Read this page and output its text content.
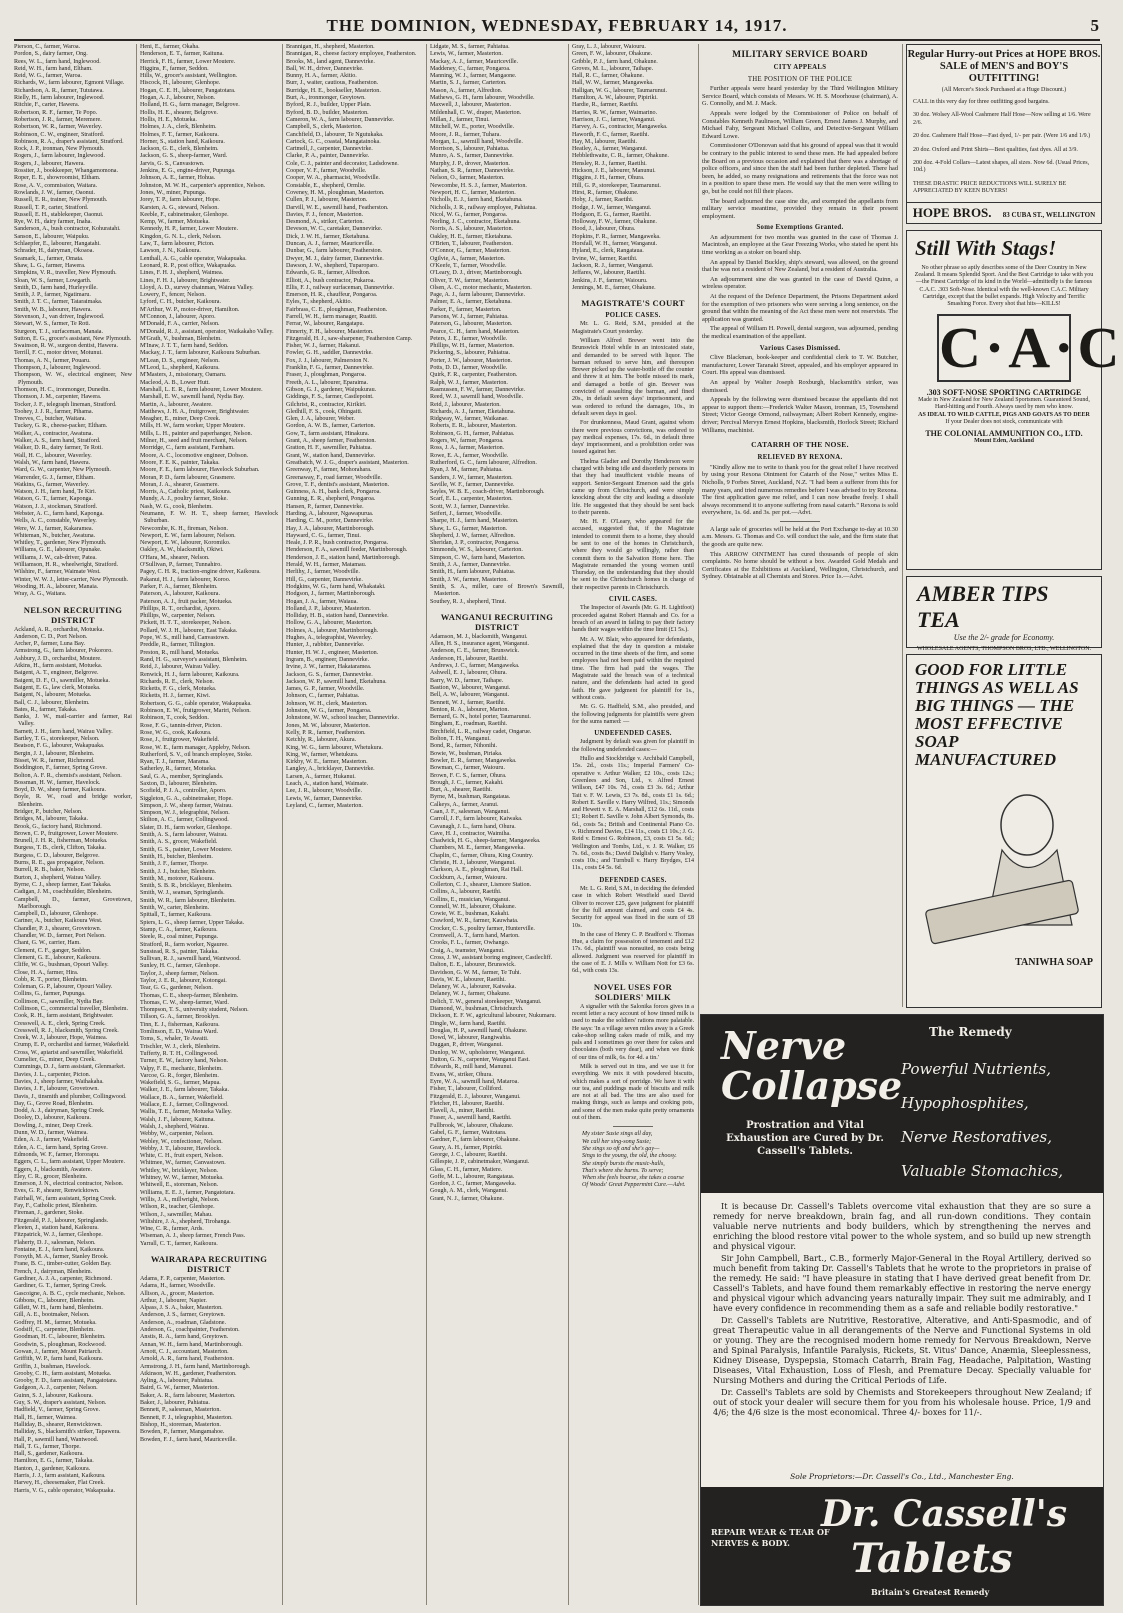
THE DOMINION, WEDNESDAY, FEBRUARY 14, 1917.	5

Pierson, C., farmer, Waroa.

Pordon, S., dairy farmer, Ong.

Rees, W. L., farm hand, Inglewood.

Reid, W. H., farm hand, Eltham.

Reid, W. G., farmer, Waroa.

Richards, W., farm labourer, Egmont Village.

Richardson, A. R., farmer, Tututawa.

Rielly, H., farm labourer, Inglewood.

Ritchie, F., carter, Hawera.

Robertson, R. F., farmer, Te Popo.

Robertson, J. R., farmer, Meremere.

Robertson, W. R., farmer, Waverley.

Robinson, C. W., engineer, Stratford.

Robinson, R. A., draper's assistant, Stratford.

Rock, J. P., ironman, New Plymouth.

Rogers, J., farm labourer, Inglewood.

Rogers, J., labourer, Hawera.

Rossiter, J., bookkeeper, Whangamomona.

Roper, E. E., showroomist, Eltham.

Rose, A. V., commission, Waitara.

Rowlands, J. W., farmer, Oaonui.

Russell, E. R., trainer, New Plymouth.

Russell, T. P., carter, Stratford.

Russell, E. H., stablekeeper, Oaonui.

Rye, W. H., dairy farmer, Inaha.

Sanderson, A., bush contractor, Kohuratahi.

Sanson, E., labourer, Waipuku.

Schlaepfer, E., labourer, Hangatahi.

Schrader, H., dairyman, Okoaoa.

Seamark, L., farmer, Omata.

Shaw, L. G., farmer, Hawera.

Simpkins, V. R., traveller, New Plymouth.

Sloan, W. S., farmer, Lowgarth.

Smith, D., farm hand, Hurleyville.

Smith, J. P., farmer, Ngatimaru.

Smith, J. T. C., farmer, Tataraimaka.

Smith, W. B., labourer, Hawera.

Stevenson, J., van driver, Inglewood.

Stewart, W. S., farmer, Te Roti.

Sturgeon, T. J., surfaceman, Manaia.

Sutton, E. G., grocer's assistant, New Plymouth.

Swainson, R. W., surgeon dentist, Hawera.

Terrill, F. C., motor driver, Motunui.

Thomas, A. N., farmer, Pouaru.

Thompson, J., labourer, Inglewood.

Thompson, W. W., electrical engineer, New Plymouth.

Thomson, H. C., ironmonger, Dunedin.

Thomson, J. M., carpenter, Hawera.

Tocker, J. F., telegraph lineman, Stratford.

Toohey, J. J. R., farmer, Pihama.

Treeves, C., butcher, Waitara.

Tuckey, G. R., cheese-packer, Eltham.

Walker, A., contractor, Awatuna.

Walker, A. S., farm hand, Stratford.

Walker, D. R., dairy farmer, Te Roti.

Wall, H. C., labourer, Waverley.

Walsh, W., farm hand, Hawera.

Ward, G. W., carpenter, New Plymouth.

Warrender, G. J., farmer, Eltham.

Watkins, G., farmer, Waverley.

Watson, J. H., farm hand, Te Kiri.

Watson, G. T., farmer, Kaponga.

Watson, J. J., stockman, Stratford.

Webster, A. C., farm hand, Kaponga.

Wells, A. C., constable, Waverley.

Were, W. J., farmer, Kakaramea.

Whiteman, N., butcher, Awatuna.

Whitley, T., gardener, New Plymouth.

Williams, G. E., labourer, Opunake.

Williams, J. W., cab-driver, Patea.

Williamson, H. R., wheelwright, Stratford.

Wilshire, F., farmer, Waimate West.

Winter, W. W. J., letter-carrier, New Plymouth.

Wooding, H. A., labourer, Manaia.

Wray, A. G., Waitara.

NELSON RECRUITING DISTRICT

Ackland, A. R., orchardist, Motueka.

Anderson, C. D., Port Nelson.

Archer, P., farmer, Luna Bay.

Armstrong, G., farm labourer, Pokororo.

Ashbury, J. D., orchardist, Moutere.

Atkins, H., farm assistant, Motueka.

Baigent, A. T., engineer, Belgrove.

Baigent, D. F., O., sawmiller, Motueka.

Baigent, E. G., law clerk, Motueka.

Baigent, N., labourer, Motueka.

Ball, C. J., labourer, Blenheim.

Bates, R., farmer, Takaka.

Banks, J. W., mail-carrier and farmer, Rai Valley.

Barnett, J. H., farm hand, Wairau Valley.

Bartley, T. G., storekeeper, Nelson.

Beatson, F. G., labourer, Wakapuaka.

Bergin, J. J., labourer, Blenheim.

Bisset, W. R., farmer, Richmond.

Boddington, F., farmer, Spring Grove.

Bolton, A. F. R., chemist's assistant, Nelson.

Bossman, H. W., farmer, Havelock.

Boyd, D. W., sheep farmer, Kaikoura.

Boyle, R. W., road and bridge worker, Blenheim.

Bridger, P., butcher, Nelson.

Bridges, M., labourer, Takaka.

Brook, G., factory hand, Richmond.

Brown, C. P., fruitgrower, Lower Moutere.

Brunell, J. H. R., fisherman, Motueka.

Burgess, T. B., clerk, Clifton, Takaka.

Burgess, C. D., labourer, Belgrove.

Burns, R. E., gas propagator, Nelson.

Burrell, R. B., baker, Nelson.

Burton, J., shepherd, Wairau Valley.

Byrne, C. J., sheep farmer, East Takaka.

Cadigan, J. M., coachbuilder, Blenheim.

Campbell, D., farmer, Grovetown, Marlborough.

Campbell, D., labourer, Glenhope.

Cartner, A., butcher, Kaikoura West.

Chandler, P. J., shearer, Grovetown.

Chandler, W. D., farmer, Port Nelson.

Chant, G. W., carrier, Ham.

Clement, C. F., ganger, Seddon.

Clement, G. E., labourer, Kaikoura.

Cliffe, W. G., bushman, Opouri Valley.

Close, H. A., farmer, Hira.

Cobb, R. T., porter, Blenheim.

Coleman, G. P., labourer, Opouri Valley.

Collins, G., farmer, Pupunga.

Collinson, C., sawmiller, Nydia Bay.

Collinson, C., commercial traveller, Blenheim.

Cook, R. H., farm assistant, Brightwater.

Cresswell, A. E., clerk, Spring Creek.

Cresswell, R. J., blacksmith, Spring Creek.

Creek, W. J., labourer, Hope, Waimea.

Crump, E. P., orchardist and farmer, Wakefield.

Cross, W., apiarist and sawmiller, Wakefield.

Cumelier, G., miner, Deep Creek.

Cummings, D. J., farm assistant, Glenmarket.

Davies, J. L., carpenter, Picton.

Davies, J., sheep farmer, Waihakaha.

Davies, J. F., labourer, Grovetown.

Davis, J., tinsmith and plumber, Collingwood.

Day, G., Grove Road, Blenheim.

Dodd, A. J., dairyman, Spring Creek.

Dooley, D., labourer, Kaikoura.

Dowling, J., miner, Deep Creek.

Dunn, W. D., farmer, Waimea.

Eden, A. J., farmer, Wakefield.

Eden, A. C., farm hand, Spring Grove.

Edmonds, W. F., farmer, Hororapu.

Eggers, C. L., farm assistant, Upper Moutere.

Eggers, J., blacksmith, Awatere.

Eley, C. R., grocer, Blenheim.

Emerson, J. N., electrical contractor, Nelson.

Eves, G. P., shearer, Renwicktown.

Fairhall, W., farm assistant, Spring Creek.

Fay, F., Catholic priest, Blenheim.

Fireman, J., gardener, Stoke.

Fitzgerald, P. J., labourer, Springlands.

Fleeten, J., station hand, Kaikoura.

Fitzpatrick, W. J., farmer, Glenhope.

Flaherty, D. J., salesman, Nelson.

Fontaine, E. J., farm hand, Kaikoura.

Forsyth, M. A., farmer, Stanley Brook.

Frane, B. C., timber-cutter, Golden Bay.

French, J., dairyman, Blenheim.

Gardiner, A. J. A., carpenter, Richmond.

Gardiner, G. T., farmer, Spring Creek.

Gascoigne, A. B. C., cycle mechanic, Nelson.

Gibbons, C., labourer, Blenheim.

Gillett, W. H., farm hand, Blenheim.

Gill, A. E., bootmaker, Nelson.

Godfrey, H. M., farmer, Motueka.

Godsiff, C., carpenter, Blenheim.

Goodman, H. C., labourer, Blenheim.

Goodwin, S., ploughman, Rockwood.

Gowan, J., farmer, Mount Patriarch.

Griffith, W. P., farm hand, Kaikoura.

Griffin, J., bushman, Havelock.

Grooby, C. H., farm assistant, Motueka.

Grooby, F. D., farm assistant, Pangatotara.

Gudgeon, A. J., carpenter, Nelson.

Guinn, S. J., labourer, Kaikoura.

Guy, S. W., draper's assistant, Nelson.

Hadfield, V., farmer, Spring Grove.

Hall, H., farmer, Waimea.

Halliday, B., shearer, Renwicktown.

Halliday, S., blacksmith's striker, Tapawera.

Hall, P., sawmill hand, Wantwood.

Hall, T. G., farmer, Thorpe.

Hall, S., gardener, Kaikoura.

Hamilton, E. G., farmer, Takaka.

Hanton, J., gardener, Kaikoura.

Harris, J. J., farm assistant, Kaikoura.

Harvey, H., cheesemaker, Flat Creek.

Harris, V. G., cable operator, Wakapuaka.

Heni, E., farmer, Okaha.

Henderson, E. T., farmer, Kaituna.

Herrick, F. H., farmer, Lower Moutere.

Higgins, F., farmer, Seddon.

Hills, W., grocer's assistant, Wellington.

Hiscock, H., labourer, Glenhope.

Hogan, C. E. H., labourer, Pangatotara.

Hogan, A. J., labourer, Nelson.

Holland, H. G., farm manager, Belgrove.

Hollis, H. E., shearer, Belgrove.

Hollis, H. E., Motueka.

Holmes, J. A., clerk, Blenheim.

Holmes, F. T., farmer, Kaikoura.

Horner, S., station hand, Kaikoura.

Jackson, G. E., clerk, Blenheim.

Jackson, G. S., sheep-farmer, Ward.

Jarvis, G. S., Canvastown.

Jenkins, E. G., engine-driver, Pupunga.

Johnson, A. E., farmer, Hohua.

Johnston, M. W. H., carpenter's apprentice, Nelson.

Jones, W., miner, Pupunga.

Jorey, T. P., farm labourer, Hope.

Karsten, A. G., steward, Nelson.

Keeble, F., cabinetmaker, Glenhope.

Kemp, W., farmer, Motueka.

Kennedy, H. P., farmer, Lower Moutere.

Kingdon, G. N. L., clerk, Nelson.

Law, T., farm labourer, Picton.

Lawson, J. N., Kaikoura.

Lenthall, A. G., cable operator, Wakapuaka.

Leonard, R. P., post office, Wakapuaka.

Lines, F. H. J., shepherd, Waimea.

Lines, F. H. J., labourer, Brightwater.

Lloyd, A. D., survey chainman, Wairau Valley.

Lowery, F., fencer, Nelson.

Lyford, C. H., butcher, Kaikoura.

M'Arthur, W. P., motor-driver, Hamilton.

M'Connon, J., labourer, Aporo.

M'Donald, F. A., carrier, Nelson.

M'Donald, R. J., assistant, operator, Waikakaho Valley.

M'Grath, V., bushman, Blenheim.

M'Inaw, J. T. T., farm hand, Seddon.

Mackay, J. T., farm labourer, Kaikoura Suburban.

M'Lean, D. S., engineer, Nelson.

M'Leod, L., shepherd, Kaikoura.

M'Masters, J., missionary, Oamaru.

Macleod, A. B., Lower Hutt.

Marshall, L. E. R., farm labourer, Lower Moutere.

Marshall, E. W., sawmill hand, Nydia Bay.

Martin, A., labourer, Awatere.

Matthews, J. H. A., fruitgrower, Brightwater.

Meagher, E., miner, Deep Creek.

Mills, H. W., farm worker, Upper Moutere.

Mills, L. H., painter and paperhanger, Nelson.

Milner, H., seed and fruit merchant, Nelson.

Morridge, C., farm assistant, Farnham.

Moore, A. C., locomotive engineer, Dobson.

Moore, F. E. K., painter, Takaka.

Moore, F. E., farm labourer, Havelock Suburban.

Moran, P. D., farm labourer, Grasmere.

Moran, J. A., shearer, Grasmere.

Morris, A., Catholic priest, Kaikoura.

Mundy, A. J., poultry farmer, Stoke.

Nash, W. G., cook, Blenheim.

Neumann, F. W. H. T., sheep farmer, Havelock Suburban.

Newcombe, K. H., fireman, Nelson.

Newport, E. W., farm labourer, Nelson.

Newport, E. W., labourer, Koromiko.

Oakley, A. W., blacksmith, Okiwi.

O'Hara, M., shearer, Nelson.

O'Sullivan, P., farmer, Tunnahiro.

Pagey, C. H. R., traction-engine driver, Kaikoura.

Pakanui, H. J., farm labourer, Koroo.

Parker, F. A., farmer, Blenheim.

Paterson, A., labourer, Kaikoura.

Paterson, A. J., fruit packer, Motueka.

Phillips, R. T., orchardist, Aporo.

Phillips, W., carpenter, Nelson.

Pickett, H. T. T., storekeeper, Nelson.

Pollard, W. J. H., labourer, East Takaka.

Pope, W. S., mill hand, Canvastown.

Preddle, R., farmer, Tillington.

Preston, R., mill hand, Motueka.

Rand, H. G., surveyor's assistant, Blenheim.

Reid, J., labourer, Wairau Valley.

Renwick, H. J., farm labourer, Kaikoura.

Richards, R. E., clerk, Nelson.

Ricketts, F. G., clerk, Motueka.

Ricketts, H. J., farmer, Kiwi.

Robertson, G. G., cable operator, Wakapuaka.

Robinson, E. W., fruitgrower, Mariri, Nelson.

Robinson, T., cook, Seddon.

Rose, F. G., tannin-driver, Picton.

Rose, W. G., cook, Kaikoura.

Rose, J., fruitgrower, Wakefield.

Rose, W. E., farm manager, Appleby, Nelson.

Rutherford, S. V., oil branch employee, Stoke.

Ryan, T. J., farmer, Marama.

Satherley, R., farmer, Motueka.

Saul, G. A., member, Springlands.

Saxton, D., labourer, Blenheim.

Scofield, P. J. A., controller, Aporo.

Siggleton, G. A., cabinetmaker, Hope.

Simpson, J. W., sheep farmer, Wairau.

Simpson, W. J., telegraphist, Nelson.

Skilton, A. C., farmer, Collingwood.

Slater, D. H., farm worker, Glenhope.

Smith, A. S., farm labourer, Wairau.

Smith, A. S., grocer, Wakefield.

Smith, G. S., painter, Lower Moutere.

Smith, H., butcher, Blenheim.

Smith, J. F., farmer, Thorpe.

Smith, J. J., butcher, Blenheim.

Smith, M., motorer, Kaikoura.

Smith, S. B. R., bricklayer, Blenheim.

Smith, W. J., seaman, Springlands.

Smith, W. R., farm labourer, Blenheim.

Smith, W., carter, Blenheim.

Spittall, T., farmer, Kaikoura.

Spiers, L. G., sheep farmer, Upper Takaka.

Stamp, C. A., farmer, Kaikoura.

Steele, R., coal miner, Pupunga.

Stratford, R., farm worker, Ngauree.

Sunstead, R. S., painter, Takaka.

Sullivan, R. J., sawmill hand, Wantwood.

Sunley, H. C., farmer, Glenhope.

Taylor, J., sheep farmer, Nelson.

Taylor, J. E. R., labourer, Kotongai.

Tear, G. G., gardener, Nelson.

Thomas, C. E., sheep-farmer, Blenheim.

Thomas, C. W., sheep-farmer, Ward.

Thompson, T. S., university student, Nelson.

Tillson, G. A., farmer, Brooklyn.

Tinn, E. J., fisherman, Kaikoura.

Tomlinson, E. D., Wairau Ward.

Toms, S., whaler, Te Awaiti.

Trischler, W. J., clerk, Blenheim.

Tufferty, R. T. H., Collingwood.

Turner, E. W., factory hand, Nelson.

Valpy, F. E., mechanic, Blenheim.

Varcoe, G. R., forger, Blenheim.

Wakefield, S. G., farmer, Mapua.

Walker, J. E., farm labourer, Takaka.

Wallace, B. A., farmer, Wakefield.

Wallace, E. J., farmer, Collingwood.

Wallis, T. E., farmer, Motueka Valley.

Walsh, J. F., labourer, Kaituna.

Walsh, J., shepherd, Wairau.

Webby, W., carpenter, Nelson.

Webley, W., confectioner, Nelson.

Webby, J. T., labourer, Havelock.

White, C. H., fruit expert, Nelson.

Whitmee, W., farmer, Canvastown.

Whitley, W., bricklayer, Nelson.

Whitney, W. W., farmer, Motueka.

Whitwell, E., storeman, Nelson.

Williams, E. E. J., farmer, Pangatotara.

Willis, J. A., millwright, Nelson.

Wilson, R., teacher, Glenhope.

Wilson, J., sawmiller, Mahau.

Wiltshire, J. A., shepherd, Tirohanga.

Wine, C. R., farmer, Ards.

Wiseman, A. J., sheep farmer, French Pass.

Yarrall, C. T., farmer, Kaikoura.

WAIRARAPA RECRUITING DISTRICT

Adams, F. P., carpenter, Masterton.

Adams, H., farmer, Woodville.

Allison, A., grocer, Masterton.

Arthur, J., labourer, Napier.

Alpass, J. S. A., baker, Masterton.

Anderson, J. S., farmer, Greytown.

Anderson, A., roadman, Gladstone.

Anderson, G., coachpainter, Featherston.

Anstis, R. A., farm hand, Greytown.

Annan, W. H., farm hand, Martinborough.

Arnott, C. J., accountant, Masterton.

Arnold, A. R., farm hand, Featherston.

Armstrong, J. H., farm hand, Martinborough.

Atkinson, W. H., gardener, Featherston.

Ayling, A., labourer, Pahiatua.

Baird, G. W., farmer, Masterton.

Baker, A. R., farm labourer, Masterton.

Baker, J., labourer, Pahiatua.

Bennett, P., salesman, Masterton.

Bennett, F. J., telegraphist, Masterton.

Bishop, H., storeman, Masterton.

Bowden, P., farmer, Mangamahoe.

Bowden, F. J., farm hand, Mauriceville.

Brannigan, H., shepherd, Masterton.

Brannigan, R., cheese factory employee, Featherston.

Brooks, M., land agent, Dannevirke.

Ball, W. H., driver, Dannevirke.

Bunny, H. A., farmer, Akitio.

Burr, J., waiter, cautious, Featherston.

Burridge, H. E., bookseller, Masterton.

Burt, A., ironmonger, Greytown.

Byford, R. J., builder, Upper Plain.

Byford, B. D., builder, Masterton.

Cameron, W. A., farm labourer, Dannevirke.

Campbell, S., clerk, Masterton.

Canchfield, D., labourer, Te Ngutukaka.

Cartock, G. C., coastal, Mangatainoka.

Cartmell, J., carpenter, Dannevirke.

Clarke, P. A., painter, Dannevirke.

Cole, C. J., painter and decorator, Ladsdowne.

Cooper, V. F., farmer, Woodville.

Cooper, W. A., pharmacist, Woodville.

Constable, E., shepherd, Ormlie.

Coveney, H. M., ploughman, Masterton.

Cullen, P. J., labourer, Masterton.

Darvill, W. E., sawmill hand, Featherston.

Davies, F. J., fencer, Masterton.

Desmond, A., striker, Carterton.

Deveson, W. C., caretaker, Dannevirke.

Dick, J. W. H., farmer, Eketahuna.

Duncan, A. J., farmer, Mauriceville.

Dunbar, G., farm labourer, Featherston.

Dwyer, M. J., dairy farmer, Dannevirke.

Dawson, J. W., shepherd, Tuparoparo.

Edwards, G. R., farmer, Alfredton.

Elliott, A., bush contractor, Pukaroa.

Ellis, F. J., railway surfaceman, Dannevirke.

Emerson, H. R., chauffeur, Pongaroa.

Eyles, T., shepherd, Akitio.

Fairbrass, C. E., ploughman, Featherston.

Farrell, W. H., farm manager, Ruatiti.

Ferrar, W., labourer, Rangatapu.

Finnerty, F. H., labourer, Masterton.

Fitzgerald, H. J., saw-sharpener, Featherston Camp.

Fisher, W. J., farmer, Hakanui.

Fowler, G. H., saddler, Dannevirke.

Fox, J. J., labourer, Palmerston N.

Franklin, F. G., farmer, Dannevirke.

Fraser, J., ploughman, Pongaroa.

Freeth, A. L., labourer, Eparaima.

Gibson, G. J., gardener, Waipukurau.

Giddings, F. S., farmer, Castlepoint.

Gilchrist, R., contractor, Kirikiri.

Gledhill, F. S., cook, Ohingaiti.

Glen, J. A., labourer, Weber.

Gordon, A. W. B., farmer, Carterton.

Gow, T., farm assistant, Hinakura.

Grant, A., sheep farmer, Featherston.

Gratton, H. F., sawmiller, Pahiatua.

Grant, W., station hand, Dannevirke.

Greatbatch, W. J. G., draper's assistant, Masterton.

Greenway, F., farmer, Mohorahara.

Greenaway, F., road farmer, Woodville.

Grove, T. F., dentist's assistant, Masterton.

Guinness, A. H., bank clerk, Pongaroa.

Gunning, E. R., shepherd, Pongaroa.

Hansen, P., farmer, Dannevirke.

Harding, A., labourer, Ngawapurua.

Harding, C. M., porter, Dannevirke.

Hay, J. A., labourer, Martinborough.

Hayward, C. G., farmer, Tinui.

Heale, J. P. R., bush contractor, Pongaroa.

Henderson, F. A., sawmill feeder, Martinborough.

Henderson, J. E., station hand, Martinborough.

Herald, W. H., farmer, Matamau.

Herlihy, J., farmer, Woodville.

Hill, G., carpenter, Dannevirke.

Hodgkins, W. G., farm hand, Whakataki.

Hodgson, J., farmer, Martinborough.

Hogan, J. A., farmer, Waiaua.

Holland, J. P., labourer, Masterton.

Holliday, H. B., station hand, Dannevirke.

Hollow, G. A., labourer, Masterton.

Holmes, A., labourer, Martinborough.

Hughes, A., telegraphist, Waverley.

Hunter, J., rabbiter, Dannevirke.

Hunter, H. W. J., engineer, Masterton.

Ingram, B., engineer, Dannevirke.

Irvine, J. W., farmer, Hakataramea.

Jackson, G. S., farmer, Dannevirke.

Jackson, W. P., sawmill hand, Eketahuna.

James, G. P., farmer, Woodville.

Johnson, C., farmer, Pahiatua.

Johnson, W. H., clerk, Masterton.

Johnston, W. G., farmer, Pongaroa.

Johnstone, W. W., school teacher, Dannevirke.

Jones, M. W., labourer, Masterton.

Kelly, P. R., farmer, Featherston.

Ketchly, R., labourer, Akura.

King, W. G., farm labourer, Whetukura.

King, W., farmer, Whetukura.

Kirkby, W. E., farmer, Masterton.

Langley, A., bricklayer, Dannevirke.

Larsen, A., farmer, Hukanui.

Leach, A., station hand, Waimate.

Lee, J. R., labourer, Woodville.

Lewis, W., farmer, Dannevirke.

Leyland, C., farmer, Masterton.

Lidgate, M. S., farmer, Pahiatua.

Lewis, W., farmer, Masterton.

Mackay, A. J., farmer, Mauriceville.

Maddeney, C., farmer, Pongaroa.

Manning, W. J., farmer, Mangaone.

Martin, S. J., farmer, Carterton.

Mason, A., farmer, Alfredton.

Mathews, G. H., farm labourer, Woodville.

Maxwell, J., labourer, Masterton.

Mildenhall, C. W., draper, Masterton.

Millan, J., farmer, Tinui.

Mitchell, W. E., porter, Woodville.

Moore, J. R., farmer, Tuhara.

Morgan, L., sawmill hand, Woodville.

Morrison, S., labourer, Pahiatua.

Munro, A. S., farmer, Dannevirke.

Murphy, J. P., drover, Masterton.

Nathan, S. R., farmer, Dannevirke.

Nelson, O., farmer, Masterton.

Newcombe, H. S. J., farmer, Masterton.

Newport, H. C., farmer, Masterton.

Nicholls, E. J., farm hand, Eketahuna.

Nicholls, J. R., railway employee, Pahiatua.

Nicol, W. G., farmer, Pongaroa.

Norling, J. C., contractor, Eketahuna.

Norris, A. S., labourer, Masterton.

Oakley, H. E., farmer, Eketahuna.

O'Brien, T., labourer, Featherston.

O'Connor, G., farmer, Masterton.

Ogilvie, A., farmer, Masterton.

O'Keefe, T., farmer, Woodville.

O'Leary, D. J., driver, Martinborough.

Oliver, T. W., farmer, Masterton.

Olsen, A. C., motor mechanic, Masterton.

Page, A. J., farm labourer, Dannevirke.

Palmer, E. A., farmer, Eketahuna.

Parker, F., farmer, Masterton.

Parsons, W. J., farmer, Pahiatua.

Paterson, G., labourer, Masterton.

Pearce, C. H., farm hand, Masterton.

Peters, J. E., farmer, Woodville.

Phillips, W. H., farmer, Masterton.

Pickering, S., labourer, Pahiatua.

Porter, J. W., labourer, Masterton.

Potts, D. D., farmer, Woodville.

Quirk, F. R., carpenter, Featherston.

Ralph, W. J., farmer, Masterton.

Rasmussen, F. W., farmer, Dannevirke.

Reed, W. J., sawmill hand, Woodville.

Reid, J., labourer, Masterton.

Richards, A. J., farmer, Eketahuna.

Ridgway, W., farmer, Waikanae.

Roberts, E. R., labourer, Masterton.

Robinson, G. H., farmer, Pahiatua.

Rogers, W., farmer, Pongaroa.

Ross, J. A., farmer, Masterton.

Rowe, E. A., farmer, Woodville.

Rutherford, G. C., farm labourer, Alfredton.

Ryan, J. M., farmer, Pahiatua.

Sanders, J. W., farmer, Masterton.

Saville, W. F., farmer, Dannevirke.

Sayles, W. B. E., coach-driver, Martinborough.

Scarf, E. L., carpenter, Masterton.

Scott, W. J., farmer, Dannevirke.

Seifert, J., farmer, Woodville.

Sharpe, H. J., farm hand, Masterton.

Shaw, L. G., farmer, Masterton.

Shepherd, J. W., farmer, Alfredton.

Sheridan, J. P., contractor, Pongaroa.

Simmonds, W. S., labourer, Carterton.

Simpson, C. W., farm hand, Masterton.

Smith, J. A., farmer, Dannevirke.

Smith, H., farm labourer, Pahiatua.

Smith, J. W., farmer, Masterton.

Smith, S. A., miller, care of Brown's Sawmill, Masterton.

Southey, R. J., shepherd, Tinui.

WANGANUI RECRUITING DISTRICT

Adamson, M. J., blacksmith, Wanganui.

Allen, H. S., insurance agent, Wanganui.

Anderson, C. E., farmer, Brunswick.

Anderson, H., labourer, Raetihi.

Andrews, J. C., farmer, Mangaweka.

Ashwell, E. J., labourer, Ohura.

Barry, W. D., farmer, Taihape.

Bastion, W., labourer, Wanganui.

Bell, A. W., labourer, Wanganui.

Bennett, W. J., farmer, Raetihi.

Benton, R. A., labourer, Marton.

Bernard, G. N., hotel porter, Taumarunui.

Bingham, E., roadman, Raetihi.

Birchfield, L. R., railway cadet, Ongarue.

Bolton, T. H., Wanganui.

Bond, R., farmer, Nihonihi.

Bowie, W., bushman, Piriaka.

Bowler, E. R., farmer, Mangaweka.

Bowman, C., farmer, Waiouru.

Brown, F. C. S., farmer, Ohura.

Brough, J. C., farmer, Kakahi.

Burt, A., shearer, Raetihi.

Byrne, M., bushman, Rangataua.

Calkeys, A., farmer, Aranui.

Caan, J. F., salesman, Wanganui.

Carroll, J. F., farm labourer, Kaiwaka.

Cavanagh, J. L., farm hand, Ohura.

Cave, H. J., contractor, Waimiha.

Chadwick, H. G., sheep-farmer, Mangaweka.

Chambers, M. E., farmer, Mangaweka.

Chaplin, C., farmer, Ohura, King Country.

Christie, H. J., labourer, Wanganui.

Clarkson, A. E., ploughman, Rai Hall.

Cockburn, A., farmer, Waiouru.

Collerton, C. J., shearer, Lismore Station.

Collins, A., labourer, Raetihi.

Collins, E., musician, Wanganui.

Connell, W. H., labourer, Ohakune.

Cowie, W. E., bushman, Kakahi.

Crawford, W. R., farmer, Kauwhata.

Crocker, C. S., poultry farmer, Hunterville.

Cromwell, A. T., farm hand, Marton.

Crooks, F. L., farmer, Owhango.

Craig, A., teamster, Wanganui.

Cross, J. W., assistant boring engineer, Castlecliff.

Dalton, E. E., labourer, Brunswick.

Davidson, G. W. M., farmer, Te Tuhi.

Davis, W. E., labourer, Raetihi.

Delaney, W. A., labourer, Kaiwaka.

Delaney, W. J., farmer, Ohakune.

Delich, T. W., general storekeeper, Wanganui.

Diamond, W., bushman, Christchurch.

Dickson, E. F. W., agricultural labourer, Nukumaru.

Dingle, W., farm hand, Raetihi.

Douglas, H. P., sawmill hand, Ohakune.

Dowd, W., labourer, Rangiwahia.

Duggan, P., driver, Wanganui.

Dunlop, W. W., upholsterer, Wanganui.

Dutton, G. N., carpenter, Wanganui East.

Edwards, R., mill hand, Manunui.

Evans, W., striker, Ohura.

Eyre, W. A., sawmill hand, Mataroa.

Fisher, T., labourer, Colliford.

Fitzgerald, E. J., labourer, Wanganui.

Fletcher, H., labourer, Raetihi.

Flavell, A., miner, Raetihi.

Fraser, A., sawmill hand, Raetihi.

Fullbrook, W., labourer, Ohakune.

Gabel, G. F., farmer, Waitotara.

Gardner, F., farm labourer, Ohakune.

Geary, A. H., farmer, Pipiriki.

George, J. C., labourer, Raetihi.

Gillespie, J. P., cabinetmaker, Wanganui.

Glass, C. H., farmer, Matiere.

Goffe, M. L., labourer, Rangataua.

Gordon, J. C., farmer, Mangaweka.

Gough, A. M., clerk, Wanganui.

Grant, N. J., farmer, Ohakune.

Gray, L. J., labourer, Waiouru.

Green, F. W., labourer, Ohakune.

Gribble, P. J., farm hand, Ohakune.

Groves, M. L., labourer, Taihape.

Hall, R. C., farmer, Ohakune.

Hall, W. W., farmer, Mangaweka.

Halligan, W. G., labourer, Taumarunui.

Hamilton, A. W., labourer, Pipiriki.

Hardie, R., farmer, Raetihi.

Harries, R. W., farmer, Waimarino.

Harrison, J. C., farmer, Wanganui.

Harvey, A. G., contractor, Mangaweka.

Haworth, F. C., farmer, Raetihi.

Hay, M., labourer, Raetihi.

Heatley, A., farmer, Wanganui.

Hebblethwaite, C. R., farmer, Ohakune.

Hensley, R. J., farmer, Raetihi.

Hickson, J. E., labourer, Manunui.

Higgins, J. H., farmer, Ohura.

Hill, G. P., storekeeper, Taumarunui.

Hirst, R., farmer, Ohakune.

Hoby, J., farmer, Raetihi.

Hodge, J. W., farmer, Wanganui.

Hodgson, E. G., farmer, Raetihi.

Holloway, F. W., farmer, Ohakune.

Hood, J., labourer, Ohura.

Hopkins, F. R., farmer, Mangaweka.

Horsfall, W. H., farmer, Wanganui.

Hyland, E., clerk, Rangataua.

Irvine, W., farmer, Raetihi.

Jackson, R. J., farmer, Wanganui.

Jeffares, W., labourer, Raetihi.

Jenkins, J. F., farmer, Waiouru.

Jennings, M. E., farmer, Ohakune.

MAGISTRATE'S COURT
POLICE CASES.

Mr. L. G. Reid, S.M., presided at the Magistrate's Court yesterday.

William Alfred Brewer went into the Brunswick Hotel while in an intoxicated state, and demanded to be served with liquor. The barman refused to serve him, and thereupon Brewer picked up the water-bottle off the counter and threw it at him. The bottle missed its mark, and damaged a bottle of gin. Brewer was convicted of assaulting the barman, and fined 20s., in default seven days' imprisonment, and was ordered to refund the damages, 10s., in default seven days in gaol.

For drunkenness, Maud Grant, against whom there were previous convictions, was ordered to pay medical expenses, 17s. 6d., in default three days' imprisonment, and a prohibition order was issued against her.

Thelma Gladier and Dorothy Henderson were charged with being idle and disorderly persons in that they had insufficient visible means of support. Senior-Sergeant Emerson said the girls came up from Christchurch, and were simply knocking about the city and leading a dissolute life. He suggested that they should be sent back to their parents.

Mr. H. F. O'Leary, who appeared for the accused, suggested that, if the Magistrate intended to commit them to a home, they should be sent to one of the homes in Christchurch, where they would go willingly, rather than commit them to the Salvation Home here. The Magistrate remanded the young women until Thursday, on the understanding that they should be sent to the Christchurch homes in charge of their respective parents in Christchurch.

CIVIL CASES.

The Inspector of Awards (Mr. G. H. Lightfoot) proceeded against Robert Hannah and Co. for a breach of an award in failing to pay their factory hands their wages within the time limit (£1 5s.).

Mr. A. W. Blair, who appeared for defendants, explained that the day in question a mistake occurred in the time sheets of the firm, and some employees had not been paid within the required time. The firm had paid the wages. The Magistrate said the breach was of a technical nature, and the defendants had acted in good faith. He gave judgment for plaintiff for 1s., without costs.

Mr. G. G. Hadfield, S.M., also presided, and the following judgments for plaintiffs were given for the sums named: —

UNDEFENDED CASES.

Judgment by default was given for plaintiff in the following undefended cases:—

Hullo and Stockbridge v. Archibald Campbell, 15s. 2d., costs 11s.; Imperial Farmers' Co-operative v. Arthur Walker, £2 10s., costs 12s.; Greenlees and Son, Ltd., v. Alfred Ernest Willson, £47 10s. 7d., costs £3 3s. 6d.; Arthur Tait v. F. W. Lewis, £3 7s. 8d., costs £1 1s. 6d.; Robert E. Saville v. Harry Wilfred, 11s.; Simonds and Hewett v. E. A. Marshall, £12 6s. 11d., costs £1; Robert E. Saville v. John Albert Symonds, 8s. 6d., costs 5s.; British and Continental Piano Co. v. Richmond Davies, £14 11s., costs £1 10s.; J. G. Reid v. Ernest G. Robinson, £3, costs £1 5s. 6d.; Wellington and Tombs, Ltd., v. J. R. Walker, £6 7s. 6d., costs 8s.; David Dalglish v. Harry Vosley, costs 10s.; and Turnbull v. Harry Brydges, £14 11s., costs £4 5s. 6d.

DEFENDED CASES.

Mr. L. G. Reid, S.M., in deciding the defended case in which Robert Westfield sued David Oliver to recover £25, gave judgment for plaintiff for the full amount claimed, and costs £4 4s. Security for appeal was fixed in the sum of £8 10s.

In the case of Henry C. P. Bradford v. Thomas Hue, a claim for possession of tenement and £12 17s. 6d., plaintiff was nonsuited, no costs being allowed. Judgment was reserved for plaintiff in the case of E. J. Mills v. William Nott for £3 6s. 6d., with costs 13s.

NOVEL USES FOR SOLDIERS' MILK

A signaller with the Salonika forces gives in a recent letter a racy account of how tinned milk is used to make the soldiers' rations more palatable. He says: 'In a village seven miles away is a Greek cake-shop selling cakes made of milk, and my pals and I sometimes go over there for cakes and chocolates (both very dear), and when we think of our tins of milk, 6s. for 4d. a tin.'

Milk is served out in tins, and we use it for everything. We mix it with powdered biscuits, which makes a sort of porridge. We have it with our tea, and puddings made of biscuits and milk are not at all bad. The tins are also used for making things, such as lamps and cooking pots, and some of the men make quite pretty ornaments out of them.

My sister Susie sings all day,

We call her sing-song Susie;

She sings so oft and she's gay—

Sings to the young, the old, the choosy.

She simply bursts the music-halls,

That's where she burns. To serve;

When she feels hoarse, she takes a course

Of Woods' Great Peppermint Cure.—Advt.

MILITARY SERVICE BOARD
CITY APPEALS
THE POSITION OF THE POLICE

Further appeals were heard yesterday by the Third Wellington Military Service Board, which consists of Messrs. W. H. S. Moorhouse (chairman), A. G. Connolly, and M. J. Mack.

Appeals were lodged by the Commissioner of Police on behalf of Constables Kenneth Paulinson, William Green, Ernest James J. Murphy, and Michael Fahy, Sergeant Michael Collins, and Detective-Sergeant William Edward Lowe.

Commissioner O'Donovan said that his ground of appeal was that it would be contrary to the public interest to send these men. He had appealed before the Board on a previous occasion and explained that there was a shortage of police officers, and since then the staff had been further depleted. There had been, he added, so many resignations and retirements that the force was not in a position to spare these men. He would say that the men were willing to go, but he could not fill their places.

The board adjourned the case sine die, and exempted the appellants from military service meantime, provided they remain in their present employment.

Some Exemptions Granted.

An adjournment for two months was granted in the case of Thomas J. Macintosh, an employee at the Gear Freezing Works, who stated he spent his time working as a stoker on board ship.

An appeal by Daniel Buckley, ship's steward, was allowed, on the ground that he was not a resident of New Zealand, but a resident of Australia.

An adjournment sine die was granted in the case of David Quinn, a wireless operator.

At the request of the Defence Department, the Prisons Department asked for the exemption of two prisoners who were serving a long sentence, on the ground that within the meaning of the Act these men were not reservists. The application was granted.

The appeal of William H. Powell, dental surgeon, was adjourned, pending the medical examination of the appellant.

Various Cases Dismissed.

Clive Blackman, book-keeper and confidential clerk to T. W. Butcher, manufacturer, Lower Taranaki Street, appealed, and his employer appeared in Court. His appeal was dismissed.

An appeal by Walter Joseph Roxburgh, blacksmith's striker, was dismissed.

Appeals by the following were dismissed because the appellants did not appear to support them:—Frederick Walter Mason, ironman, 15, Townshend Street; Victor George Ormond, railwayman; Albert Robert Kennedy, engine-driver; Percival Mervyn Ernest Hopkins, blacksmith, Horlock Street; Richard Williams, machinist.

CATARRH OF THE NOSE.
RELIEVED BY REXONA.

"Kindly allow me to write to thank you for the great relief I have received by using your Rexona Ointment for Catarrh of the Nose," writes Miss E. Nicholls, 9 Forbes Street, Auckland, N.Z. "I had been a sufferer from this for many years, and tried numerous remedies before I was advised to try Rexona. The first application gave me relief, and I can now breathe freely. I shall always recommend it to anyone suffering from nasal catarrh." Rexona is sold everywhere, 1s. 6d. and 3s. per pot.—Advt.

A large sale of groceries will be held at the Port Exchange to-day at 10.30 a.m. Messrs. G. Thomas and Co. will conduct the sale, and the firm state that the goods are quite new.

This ARROW OINTMENT has cured thousands of people of skin complaints. No home should be without a box. Awarded Gold Medals and Certificates at the Exhibitions at Auckland, Wellington, Christchurch, and Sydney. Obtainable at all Chemists and Stores. Price 1s.—Advt.

Regular Hurry-out Prices at HOPE BROS. SALE of MEN'S and BOY'S OUTFITTING!
(All Mercer's Stock Purchased at a Huge Discount.)

CALL in this very day for three outfitting good bargains.

30 doz. Wolsey All-Wool Cashmere Half Hose—Now selling at 1/6. Were 2/6.

20 doz. Cashmere Half Hose—Fast dyed, 1/- per pair. (Were 1/6 and 1/9.)

20 doz. Oxford and Print Shirts—Best qualities, fast dyes. All at 3/9.

200 doz. 4-Fold Collars—Latest shapes, all sizes. Now 6d. (Usual Prices, 10d.)

THESE DRASTIC PRICE REDUCTIONS WILL SURELY BE APPRECIATED BY KEEN BUYERS!

HOPE BROS. 83 CUBA ST., WELLINGTON
Still With Stags!
No other phrase so aptly describes some of the Deer Country in New Zealand. It means Splendid Sport. And the Best Cartridge to take with you—the Finest Cartridge of its kind in the World—admittedly is the famous C.A.C. .303 Soft-Nose. Identical with the well-known C.A.C. Military Cartridge, except that the bullet expands. High Velocity and Terrific Smashing Force. Every shot that hits—KILLS!
C·A·C
.303 SOFT-NOSE SPORTING CARTRIDGE
Made in New Zealand for New Zealand Sportsmen. Guaranteed Sound, Hard-hitting and Fourth. Always used by men who know.
AS IDEAL TO WILD CATTLE, PIGS AND GOATS AS TO DEER
If your Dealer does not stock, communicate with
THE COLONIAL AMMUNITION CO., LTD.
Mount Eden, Auckland
AMBER TIPS TEA
Use the 2/- grade for Economy.
WHOLESALE AGENTS, THOMPSON BROS, LTD., WELLINGTON.
GOOD FOR LITTLE THINGS AS WELL AS BIG THINGS — THE MOST EFFECTIVE SOAP MANUFACTURED
TANIWHA SOAP
Nerve
Collapse
The Remedy

Powerful Nutrients,

Hypophosphites,

Nerve Restoratives,

Valuable Stomachics,

Prostration and Vital Exhaustion are Cured by Dr. Cassell's Tablets.

It is because Dr. Cassell's Tablets overcome vital exhaustion that they are so sure a remedy for nerve breakdown, brain fag, and all run-down conditions. They contain valuable nerve nutrients and body builders, which by strengthening the nerves and enriching the blood restore vital power to the whole system, and so build up new strength and physical vigour.

Sir John Campbell, Bart., C.B., formerly Major-General in the Royal Artillery, derived so much benefit from taking Dr. Cassell's Tablets that he wrote to the proprietors in praise of the remedy. He said: "I have pleasure in stating that I have derived great benefit from Dr. Cassell's Tablets, and have found them remarkably effective in restoring the nerve energy and physical vigour which advancing years naturally impair. They suit me admirably, and I have every confidence in recommending them as a safe and reliable bodily restorative."

Dr. Cassell's Tablets are Nutritive, Restorative, Alterative, and Anti-Spasmodic, and of great Therapeutic value in all derangements of the Nerve and Functional Systems in old or young. They are the recognised modern home remedy for Nervous Breakdown, Nerve and Spinal Paralysis, Infantile Paralysis, Rickets, St. Vitus' Dance, Anæmia, Sleeplessness, Kidney Disease, Dyspepsia, Stomach Catarrh, Brain Fag, Headache, Palpitation, Wasting Diseases, Vital Exhaustion, Loss of Flesh, and Premature Decay. Specially valuable for Nursing Mothers and during the Critical Periods of Life.

Dr. Cassell's Tablets are sold by Chemists and Storekeepers throughout New Zealand; if out of stock your dealer will secure them for you from his wholesale house. Price, 1/9 and 4/6; the 4/6 size is the most economical. Three 4/- boxes for 11/-.

Sole Proprietors:—Dr. Cassell's Co., Ltd., Manchester Eng.
Dr. Cassell's
Tablets
REPAIR WEAR & TEAR OF NERVES & BODY.
Britain's Greatest Remedy
